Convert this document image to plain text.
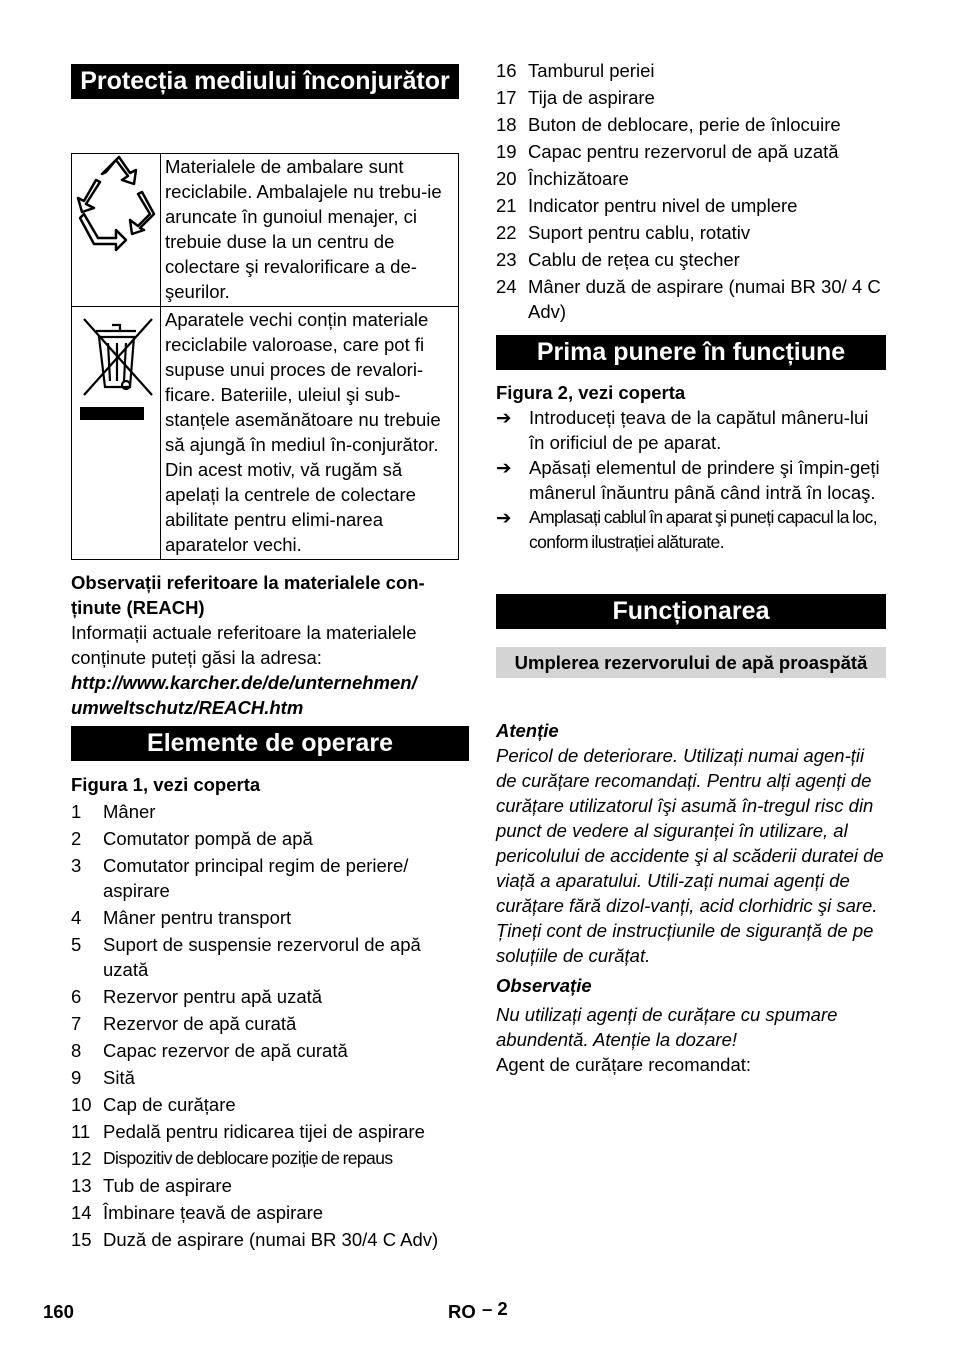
Protecția mediului înconjurător
	Materialele de ambalare sunt reciclabile. Ambalajele nu trebu-ie aruncate în gunoiul menajer, ci trebuie duse la un centru de colectare şi revalorificare a de-şeurilor.
	Aparatele vechi conțin materiale reciclabile valoroase, care pot fi supuse unui proces de revalori-ficare. Bateriile, uleiul şi sub-stanțele asemănătoare nu trebuie să ajungă în mediul în-conjurător. Din acest motiv, vă rugăm să apelați la centrele de colectare abilitate pentru elimi-narea aparatelor vechi.

Observații referitoare la materialele con-ținute (REACH)

Informații actuale referitoare la materialele conținute puteți găsi la adresa:

http://www.karcher.de/de/unternehmen/ umweltschutz/REACH.htm

Elemente de operare

Figura 1, vezi coperta

1	Mâner
2	Comutator pompă de apă
3	Comutator principal regim de periere/ aspirare
4	Mâner pentru transport
5	Suport de suspensie rezervorul de apă uzată
6	Rezervor pentru apă uzată
7	Rezervor de apă curată
8	Capac rezervor de apă curată
9	Sită
10 Cap de curățare
11 Pedală pentru ridicarea tijei de aspirare
12 Dispozitiv de deblocare poziție de repaus
13 Tub de aspirare
14 Îmbinare țeavă de aspirare
15 Duză de aspirare (numai BR 30/4 C Adv)
16 Tamburul periei
17 Tija de aspirare
18 Buton de deblocare, perie de înlocuire
19 Capac pentru rezervorul de apă uzată
20 Închizătoare
21 Indicator pentru nivel de umplere
22 Suport pentru cablu, rotativ
23 Cablu de rețea cu ştecher
24 Mâner duză de aspirare (numai BR 30/ 4 C Adv)
Prima punere în funcțiune

Figura 2, vezi coperta

➔ Introduceți țeava de la capătul mâneru-lui în orificiul de pe aparat.
➔ Apăsați elementul de prindere şi împin-geți mânerul înăuntru până când intră în locaş.
➔ Amplasați cablul în aparat şi puneți capacul la loc, conform ilustrației alăturate.
Funcționarea
Umplerea rezervorului de apă proaspătă

Atenție

Pericol de deteriorare. Utilizați numai agen-ții de curățare recomandați. Pentru alți agenți de curățare utilizatorul îşi asumă în-tregul risc din punct de vedere al siguranței în utilizare, al pericolului de accidente şi al scăderii duratei de viață a aparatului. Utili-zați numai agenți de curățare fără dizol-vanți, acid clorhidric şi sare.

Țineți cont de instrucțiunile de siguranță de pe soluțiile de curățat.

Observație

Nu utilizați agenți de curățare cu spumare abundentă. Atenție la dozare!

Agent de curățare recomandat:

160	RO – 2
